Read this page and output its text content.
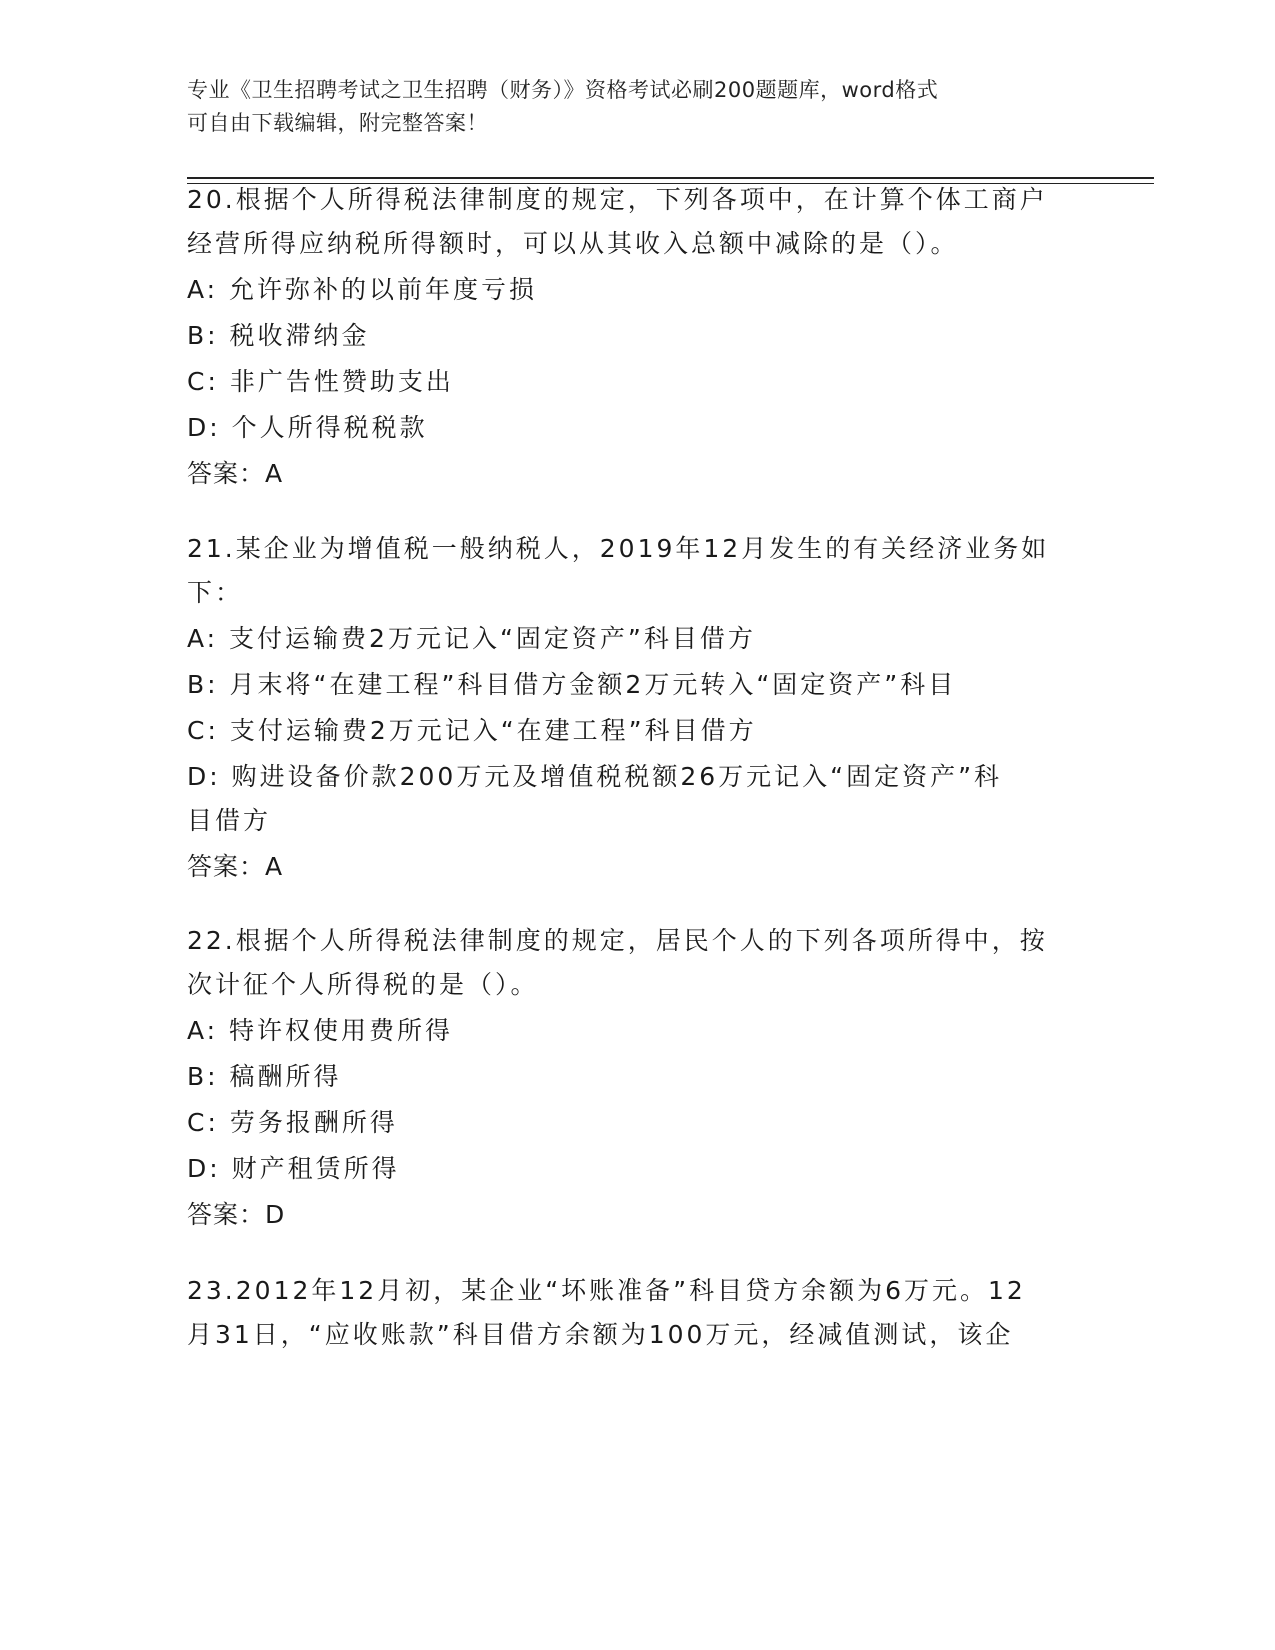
专业《卫生招聘考试之卫生招聘（财务）》资格考试必刷200题题库，word格式
可自由下载编辑，附完整答案！

20.根据个人所得税法律制度的规定，下列各项中，在计算个体工商户

经营所得应纳税所得额时，可以从其收入总额中减除的是（）。

A: 允许弥补的以前年度亏损

B: 税收滞纳金

C: 非广告性赞助支出

D: 个人所得税税款

答案：A

21.某企业为增值税一般纳税人，2019年12月发生的有关经济业务如

下：

A: 支付运输费2万元记入“固定资产”科目借方

B: 月末将“在建工程”科目借方金额2万元转入“固定资产”科目

C: 支付运输费2万元记入“在建工程”科目借方

D: 购进设备价款200万元及增值税税额26万元记入“固定资产”科

目借方

答案：A

22.根据个人所得税法律制度的规定，居民个人的下列各项所得中，按

次计征个人所得税的是（）。

A: 特许权使用费所得

B: 稿酬所得

C: 劳务报酬所得

D: 财产租赁所得

答案：D

23.2012年12月初，某企业“坏账准备”科目贷方余额为6万元。12

月31日，“应收账款”科目借方余额为100万元，经减值测试，该企
